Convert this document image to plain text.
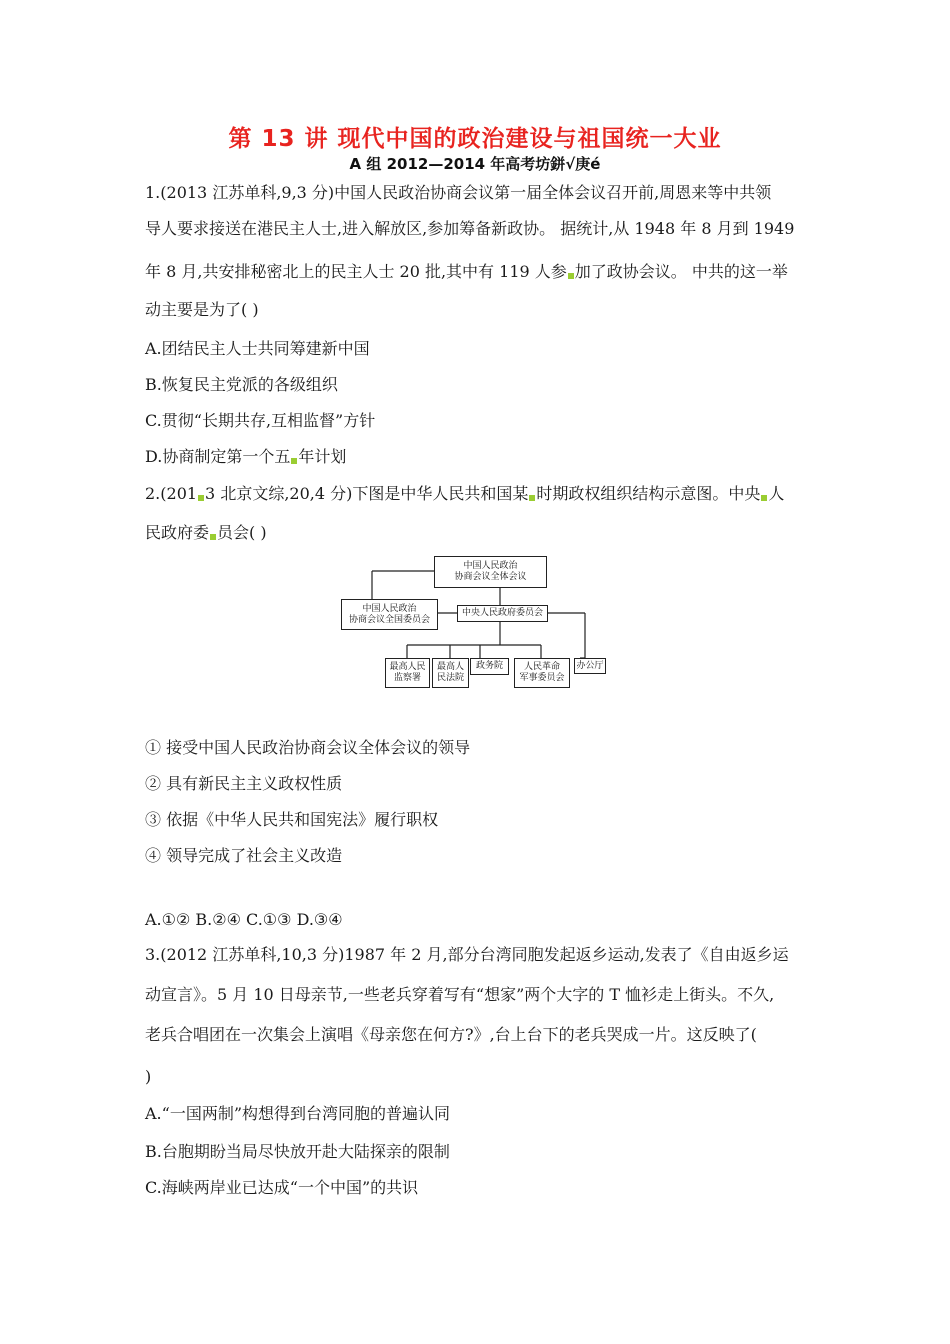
第 13 讲 现代中国的政治建设与祖国统一大业
A 组 2012—2014 年高考坊鉼√庚é
1.(2013 江苏单科,9,3 分)中国人民政治协商会议第一届全体会议召开前,周恩来等中共领
导人要求接送在港民主人士,进入解放区,参加筹备新政协。 据统计,从 1948 年 8 月到 1949
年 8 月,共安排秘密北上的民主人士 20 批,其中有 119 人参 加了政协会议。 中共的这一举
动主要是为了( )
A.团结民主人士共同筹建新中国
B.恢复民主党派的各级组织
C.贯彻“长期共存,互相监督”方针
D.协商制定第一个五 年计划
2.(201 3 北京文综,20,4 分)下图是中华人民共和国某 时期政权组织结构示意图。中央 人
民政府委 员会( )
中国人民政治
协商会议全体会议
中国人民政治
协商会议全国委员会
中央人民政府委员会
最高人民
监察署
最高人
民法院
政务院	人民革命
军事委员会
办公厅
① 接受中国人民政治协商会议全体会议的领导
② 具有新民主主义政权性质
③ 依据《中华人民共和国宪法》履行职权
④ 领导完成了社会主义改造
A.①② B.②④ C.①③ D.③④
3.(2012 江苏单科,10,3 分)1987 年 2 月,部分台湾同胞发起返乡运动,发表了《自由返乡运
动宣言》。5 月 10 日母亲节,一些老兵穿着写有“想家”两个大字的 T 恤衫走上街头。不久,
老兵合唱团在一次集会上演唱《母亲您在何方?》,台上台下的老兵哭成一片。这反映了(
)
A.“一国两制”构想得到台湾同胞的普遍认同
B.台胞期盼当局尽快放开赴大陆探亲的限制
C.海峡两岸业已达成“一个中国”的共识
